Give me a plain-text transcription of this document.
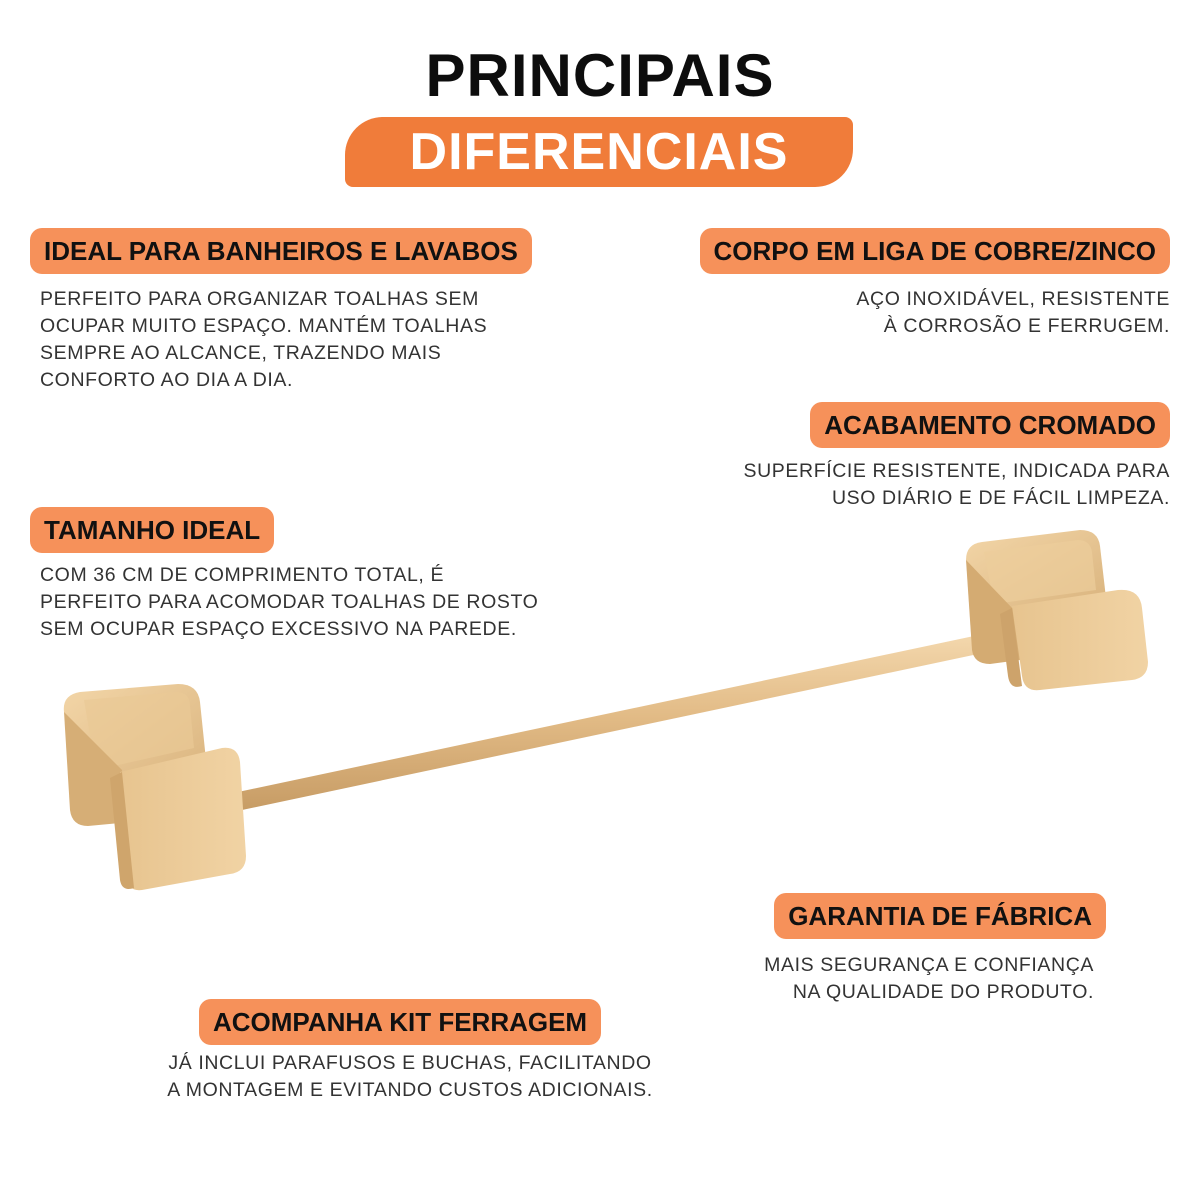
PRINCIPAIS
DIFERENCIAIS
IDEAL PARA BANHEIROS E LAVABOS
PERFEITO PARA ORGANIZAR TOALHAS SEM
OCUPAR MUITO ESPAÇO. MANTÉM TOALHAS
SEMPRE AO ALCANCE, TRAZENDO MAIS
CONFORTO AO DIA A DIA.
CORPO EM LIGA DE COBRE/ZINCO
AÇO INOXIDÁVEL, RESISTENTE
À CORROSÃO E FERRUGEM.
ACABAMENTO CROMADO
SUPERFÍCIE RESISTENTE, INDICADA PARA
USO DIÁRIO E DE FÁCIL LIMPEZA.
TAMANHO IDEAL
COM 36 CM DE COMPRIMENTO TOTAL, É
PERFEITO PARA ACOMODAR TOALHAS DE ROSTO
SEM OCUPAR ESPAÇO EXCESSIVO NA PAREDE.
GARANTIA DE FÁBRICA
MAIS SEGURANÇA E CONFIANÇA
NA QUALIDADE DO PRODUTO.
ACOMPANHA KIT FERRAGEM
JÁ INCLUI PARAFUSOS E BUCHAS, FACILITANDO
A MONTAGEM E EVITANDO CUSTOS ADICIONAIS.
